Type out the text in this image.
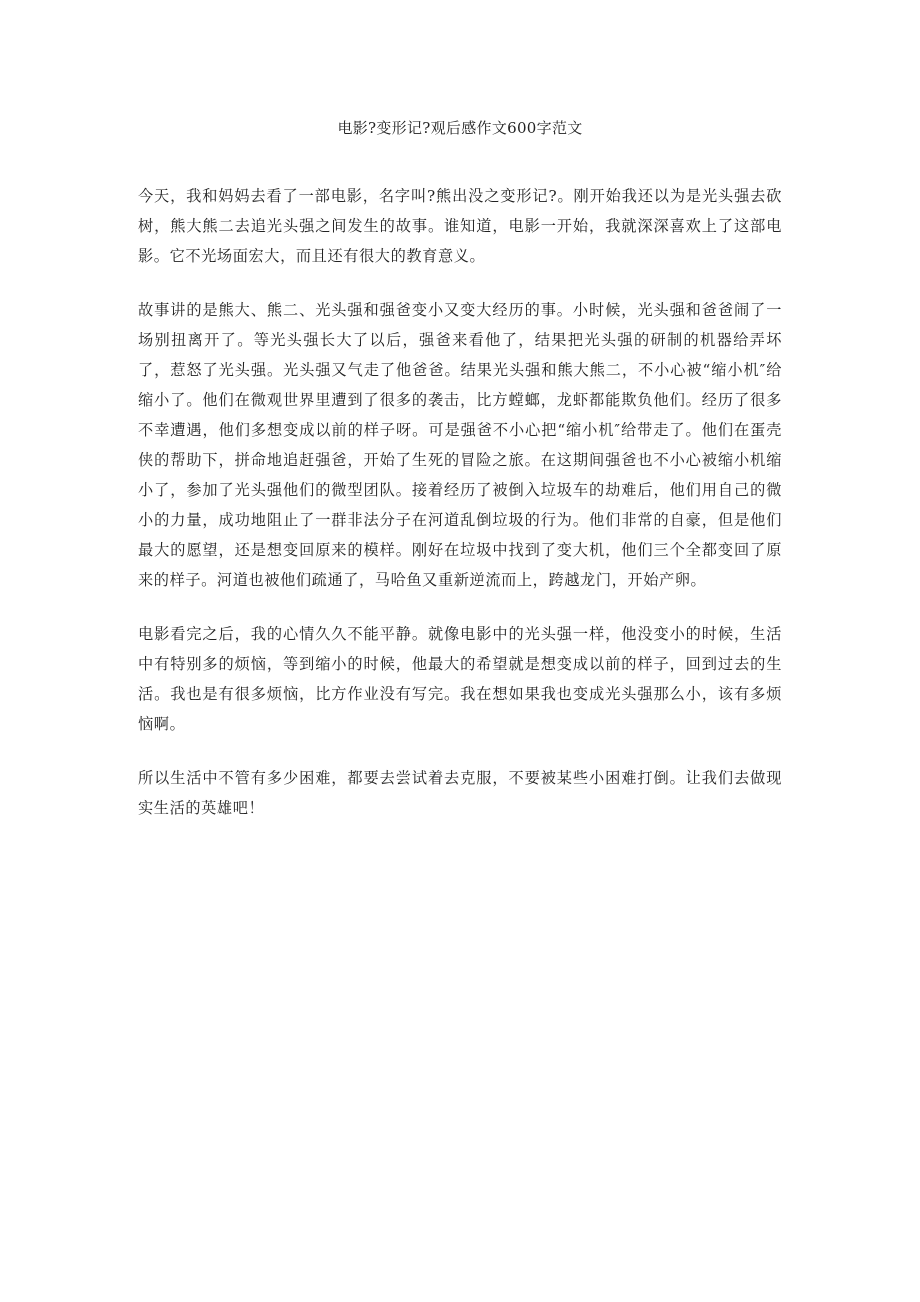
电影?变形记?观后感作文600字范文

今天，我和妈妈去看了一部电影，名字叫?熊出没之变形记?。刚开始我还以为是光头强去砍树，熊大熊二去追光头强之间发生的故事。谁知道，电影一开始，我就深深喜欢上了这部电影。它不光场面宏大，而且还有很大的教育意义。

故事讲的是熊大、熊二、光头强和强爸变小又变大经历的事。小时候，光头强和爸爸闹了一场别扭离开了。等光头强长大了以后，强爸来看他了，结果把光头强的研制的机器给弄坏了，惹怒了光头强。光头强又气走了他爸爸。结果光头强和熊大熊二，不小心被“缩小机″给缩小了。他们在微观世界里遭到了很多的袭击，比方螳螂，龙虾都能欺负他们。经历了很多不幸遭遇，他们多想变成以前的样子呀。可是强爸不小心把“缩小机″给带走了。他们在蛋壳侠的帮助下，拼命地追赶强爸，开始了生死的冒险之旅。在这期间强爸也不小心被缩小机缩小了，参加了光头强他们的微型团队。接着经历了被倒入垃圾车的劫难后，他们用自己的微小的力量，成功地阻止了一群非法分子在河道乱倒垃圾的行为。他们非常的自豪，但是他们最大的愿望，还是想变回原来的模样。刚好在垃圾中找到了变大机，他们三个全都变回了原来的样子。河道也被他们疏通了，马哈鱼又重新逆流而上，跨越龙门，开始产卵。

电影看完之后，我的心情久久不能平静。就像电影中的光头强一样，他没变小的时候，生活中有特别多的烦恼，等到缩小的时候，他最大的希望就是想变成以前的样子，回到过去的生活。我也是有很多烦恼，比方作业没有写完。我在想如果我也变成光头强那么小，该有多烦恼啊。

所以生活中不管有多少困难，都要去尝试着去克服，不要被某些小困难打倒。让我们去做现实生活的英雄吧！
